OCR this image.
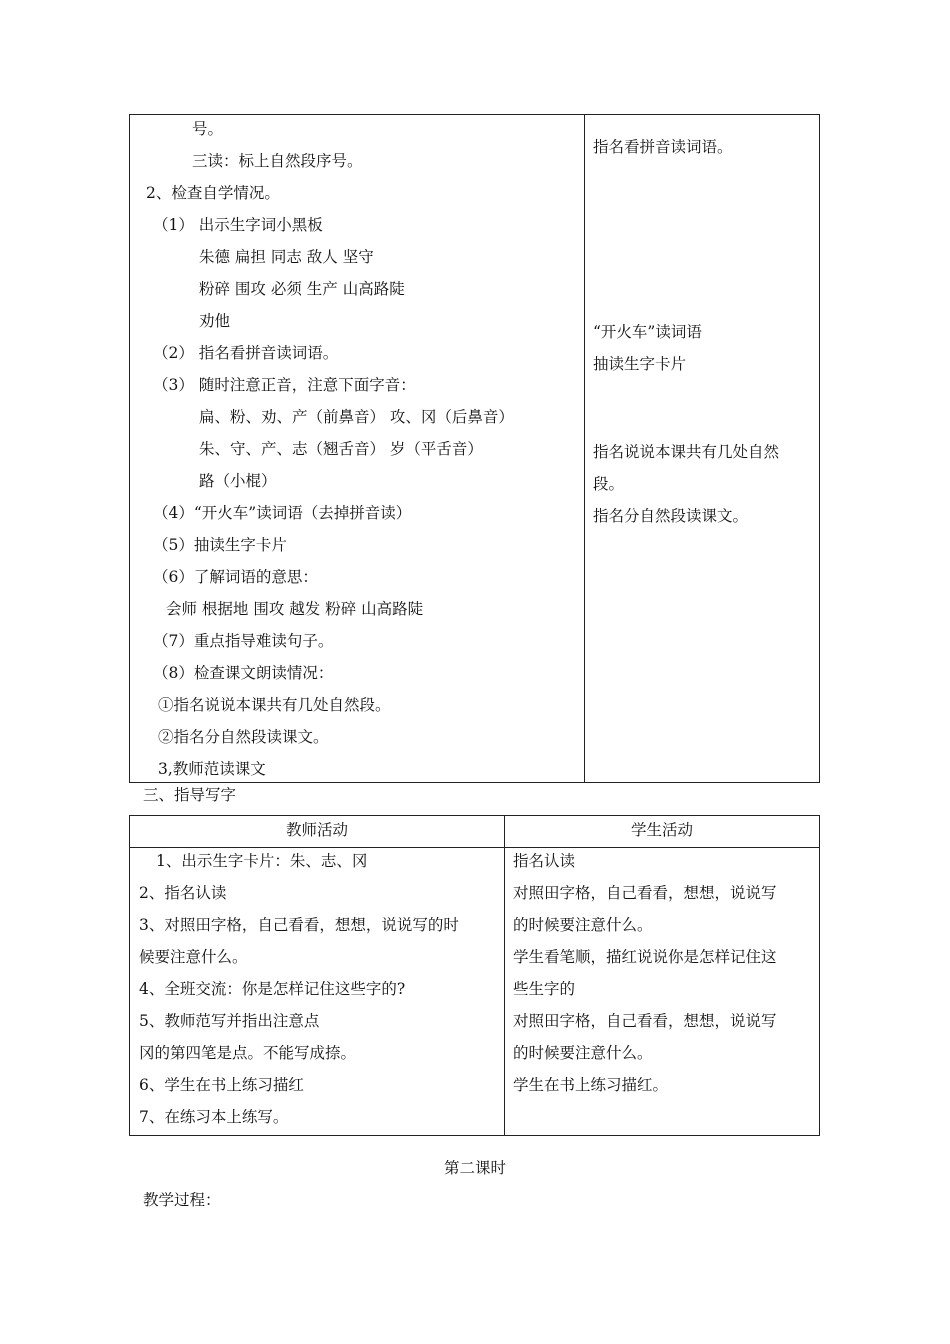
号。
三读：标上自然段序号。
2、检查自学情况。
（1） 出示生字词小黑板
朱德 扁担 同志 敌人 坚守
粉碎 围攻 必须 生产 山高路陡
劝他
（2） 指名看拼音读词语。
（3） 随时注意正音，注意下面字音：
扁、粉、劝、产（前鼻音） 攻、冈（后鼻音）
朱、守、产、志（翘舌音） 岁（平舌音）
路（小棍）
（4）“开火车”读词语（去掉拼音读）
（5）抽读生字卡片
（6）了解词语的意思：
会师 根据地 围攻 越发 粉碎 山高路陡
（7）重点指导难读句子。
（8）检查课文朗读情况：
①指名说说本课共有几处自然段。
②指名分自然段读课文。
3,教师范读课文
指名看拼音读词语。
“开火车”读词语
抽读生字卡片
指名说说本课共有几处自然
段。
指名分自然段读课文。
三、指导写字
教师活动	学生活动
1、出示生字卡片：朱、志、冈
2、指名认读
3、对照田字格，自己看看，想想，说说写的时
候要注意什么。
4、全班交流：你是怎样记住这些字的?
5、教师范写并指出注意点
冈的第四笔是点。不能写成捺。
6、学生在书上练习描红
7、在练习本上练写。
指名认读
对照田字格，自己看看，想想，说说写
的时候要注意什么。
学生看笔顺，描红说说你是怎样记住这
些生字的
对照田字格，自己看看，想想，说说写
的时候要注意什么。
学生在书上练习描红。
第二课时
教学过程：
